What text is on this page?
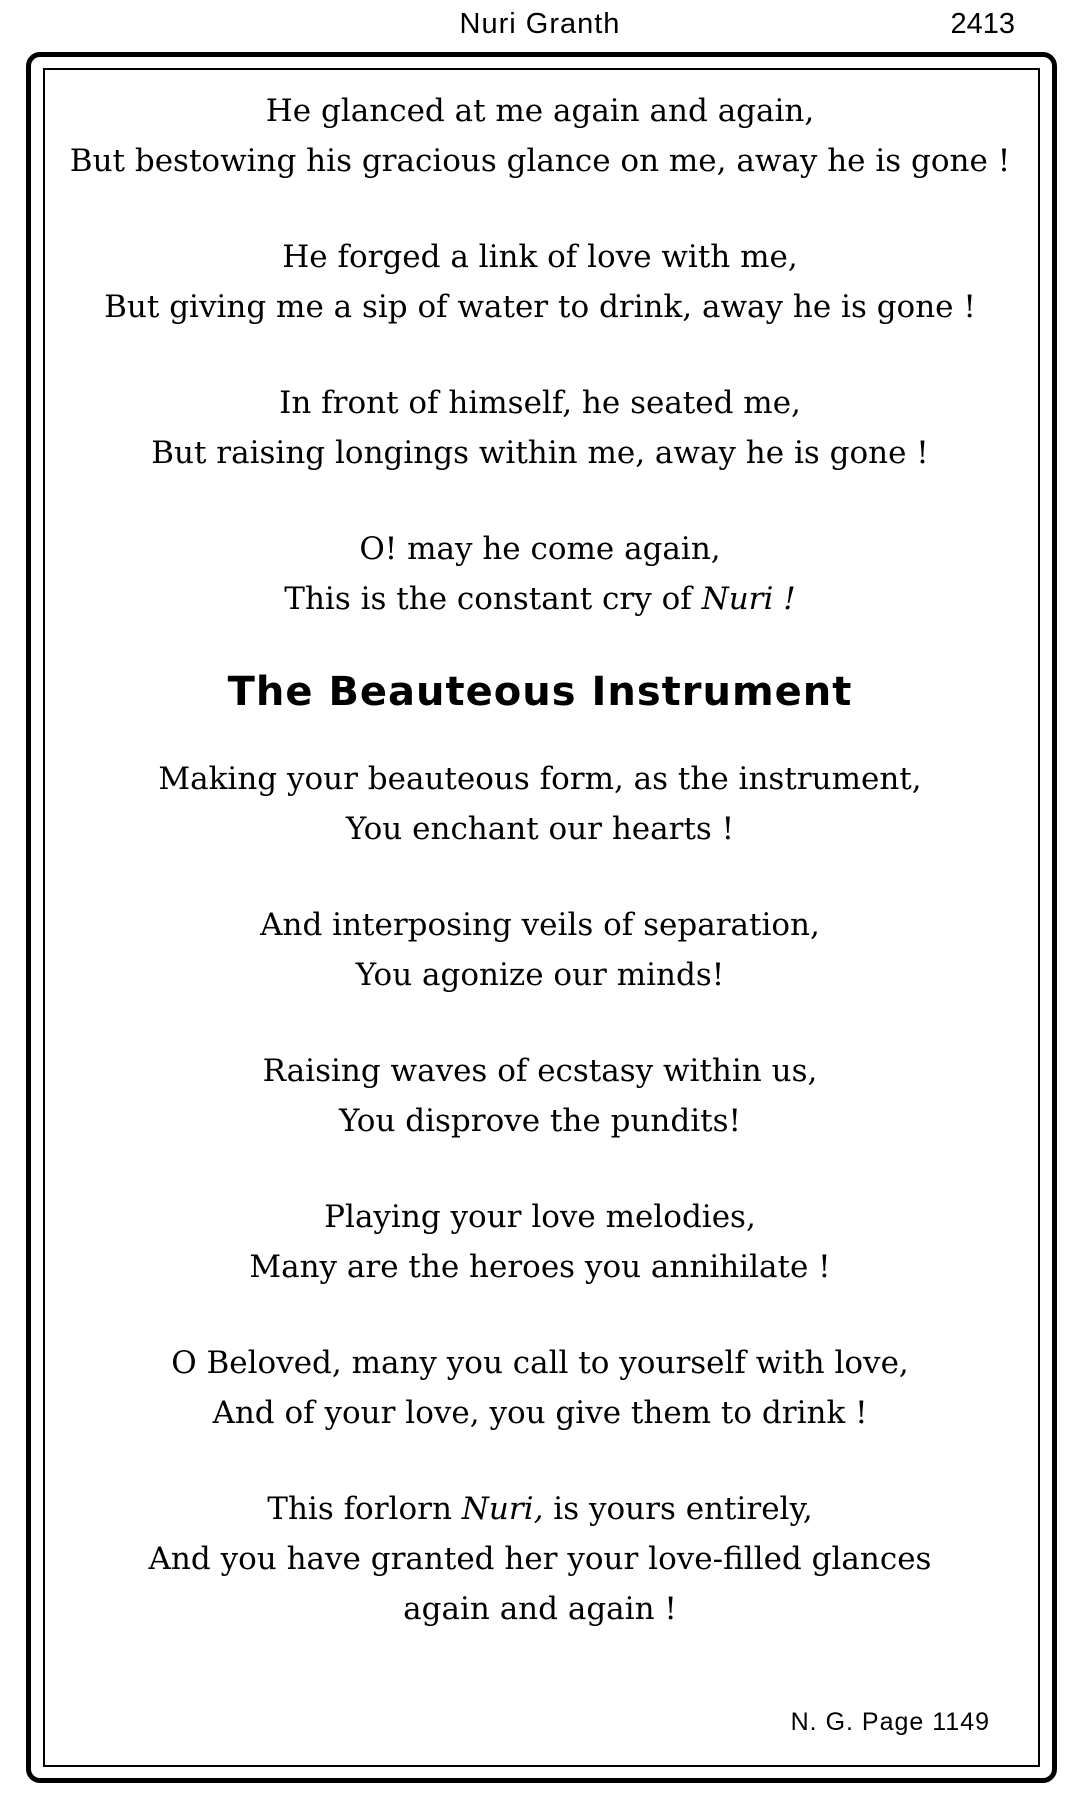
Nuri Granth	2413
He glanced at me again and again,
But bestowing his gracious glance on me, away he is gone !
He forged a link of love with me,
But giving me a sip of water to drink, away he is gone !
In front of himself, he seated me,
But raising longings within me, away he is gone !
O! may he come again,
This is the constant cry of Nuri !
The Beauteous Instrument
Making your beauteous form, as the instrument,
You enchant our hearts !
And interposing veils of separation,
You agonize our minds!
Raising waves of ecstasy within us,
You disprove the pundits!
Playing your love melodies,
Many are the heroes you annihilate !
O Beloved, many you call to yourself with love,
And of your love, you give them to drink !
This forlorn Nuri, is yours entirely,
And you have granted her your love-filled glances
again and again !
N. G. Page 1149
